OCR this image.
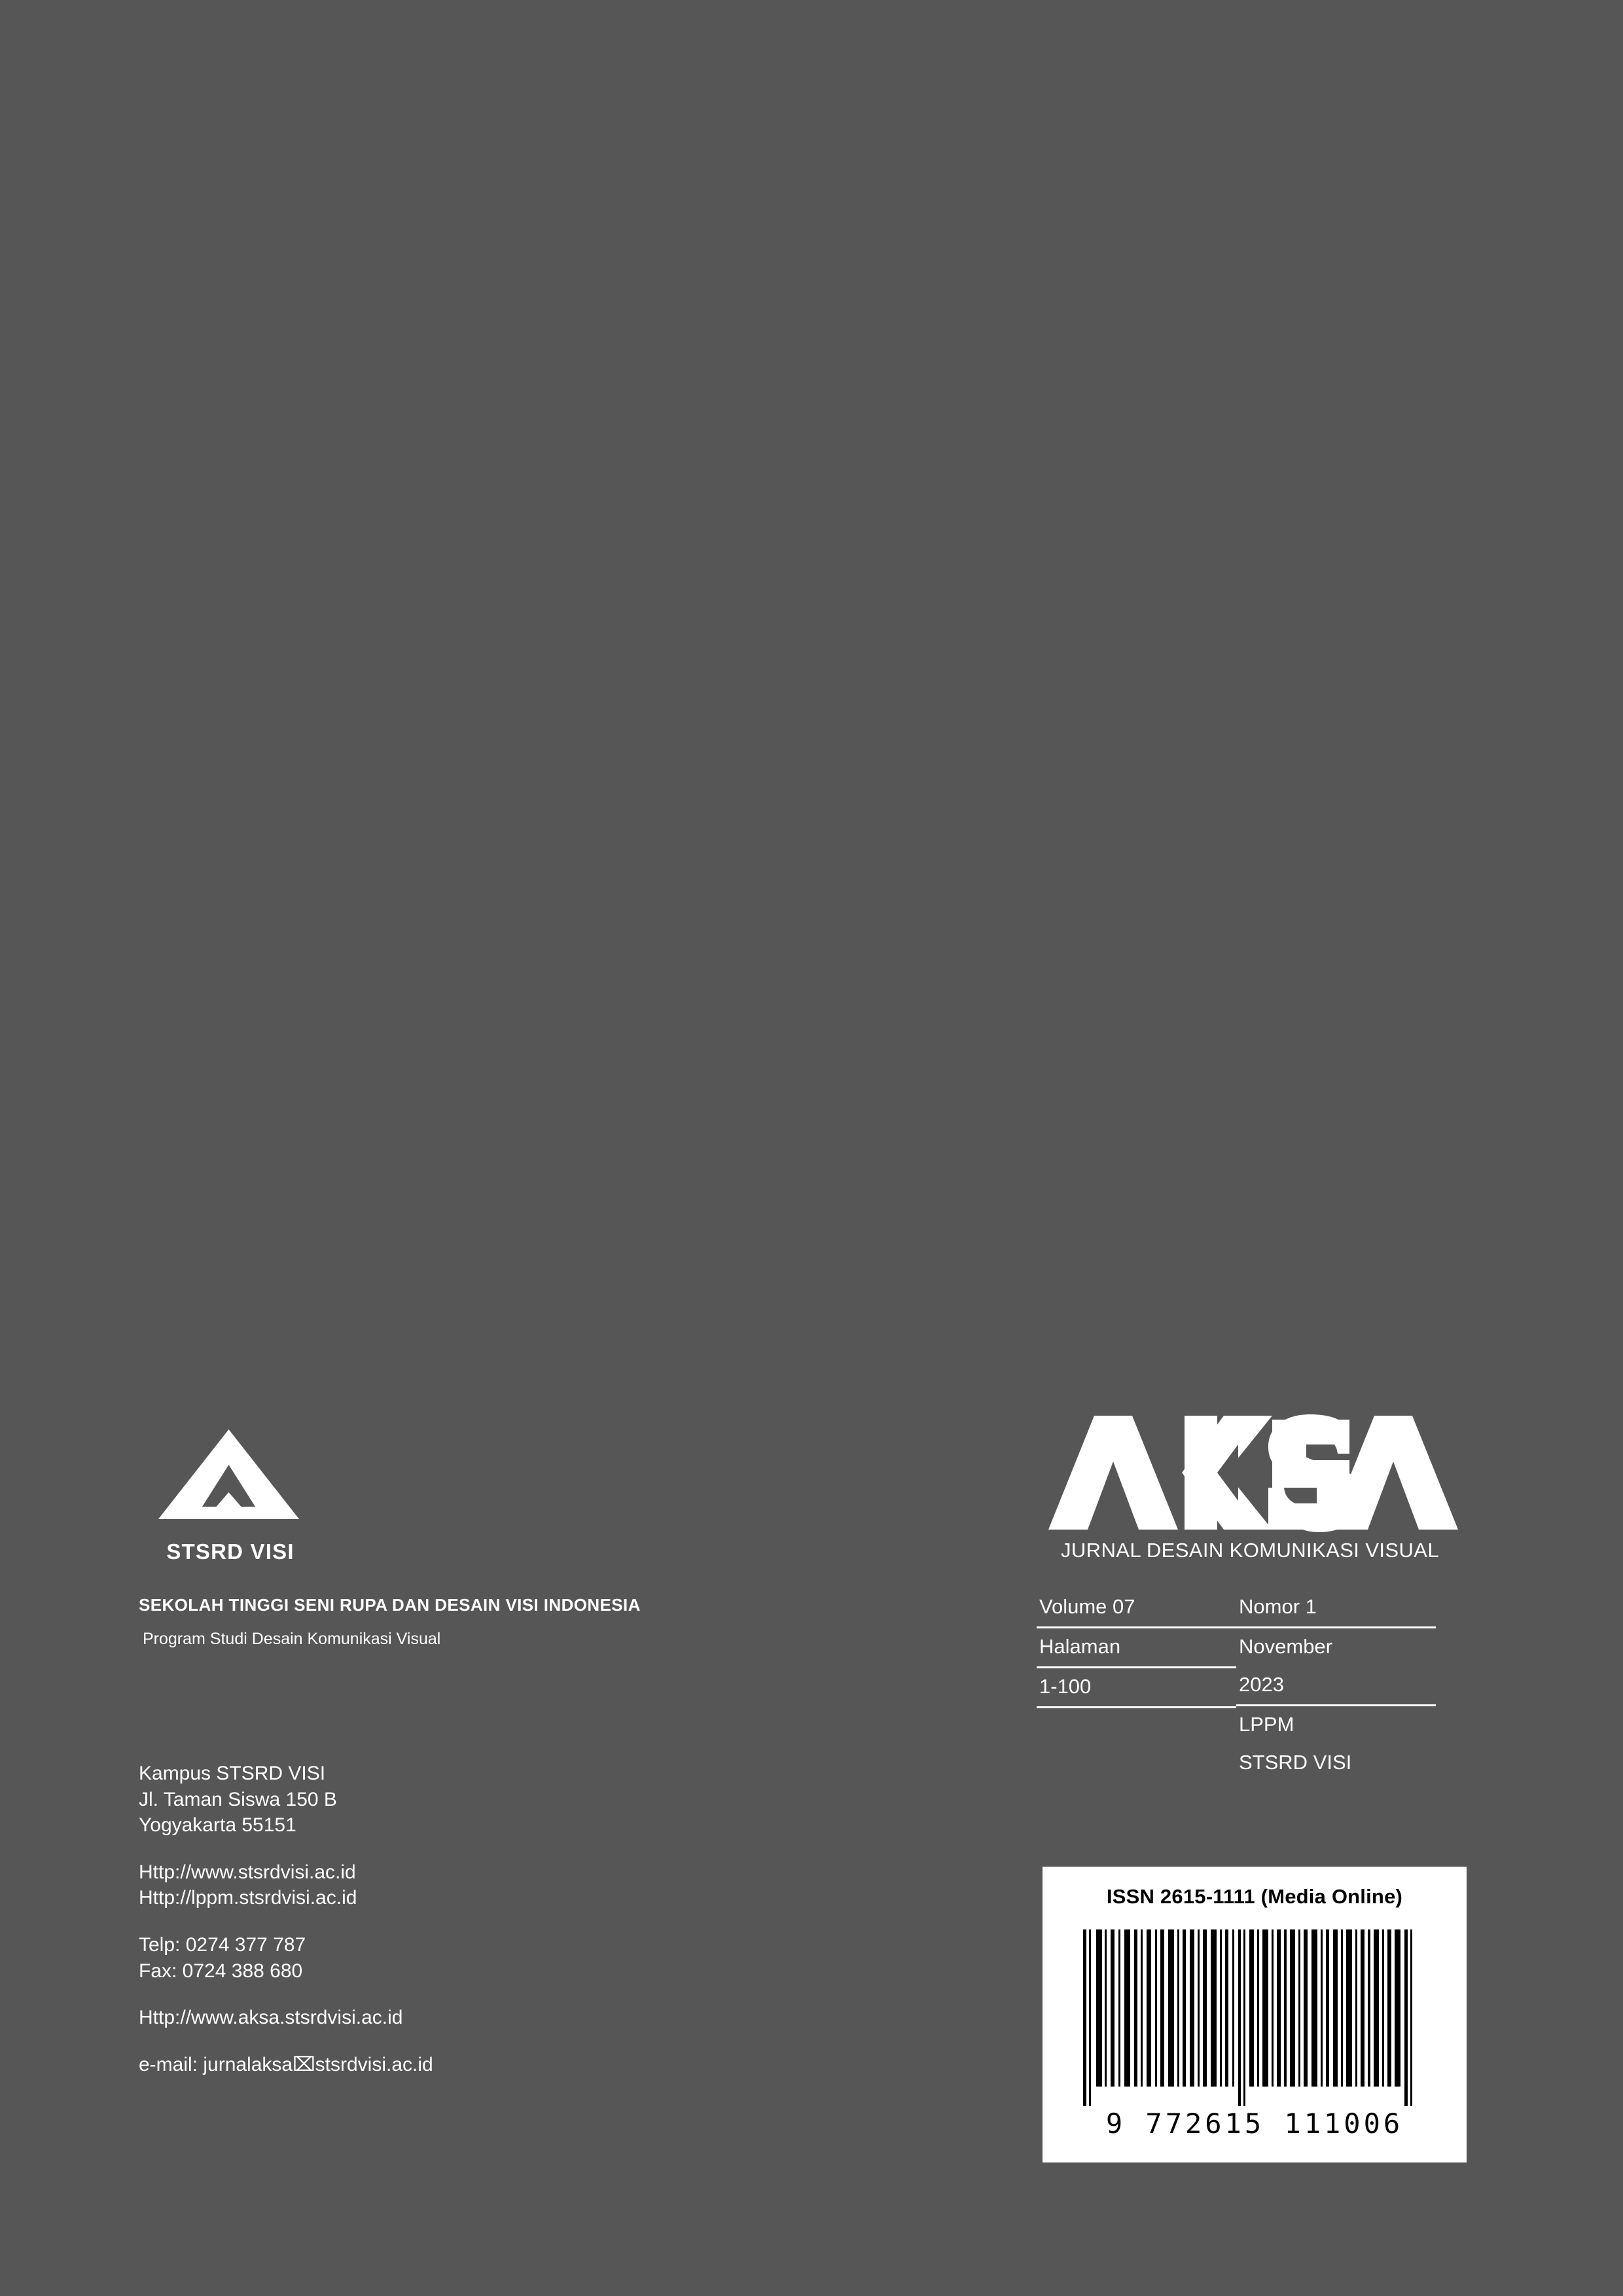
STSRD VISI
SEKOLAH TINGGI SENI RUPA DAN DESAIN VISI INDONESIA
Program Studi Desain Komunikasi Visual
Kampus STSRD VISI
Jl. Taman Siswa 150 B
Yogyakarta 55151
Http://www.stsrdvisi.ac.id
Http://lppm.stsrdvisi.ac.id
Telp: 0274 377 787
Fax: 0724 388 680
Http://www.aksa.stsrdvisi.ac.id
e-mail: jurnalaksa⌧stsrdvisi.ac.id
JURNAL DESAIN KOMUNIKASI VISUAL
Volume 07
Halaman
1-100
Nomor 1
November
2023
LPPM
STSRD VISI
ISSN 2615-1111 (Media Online)
9 772615 111006
